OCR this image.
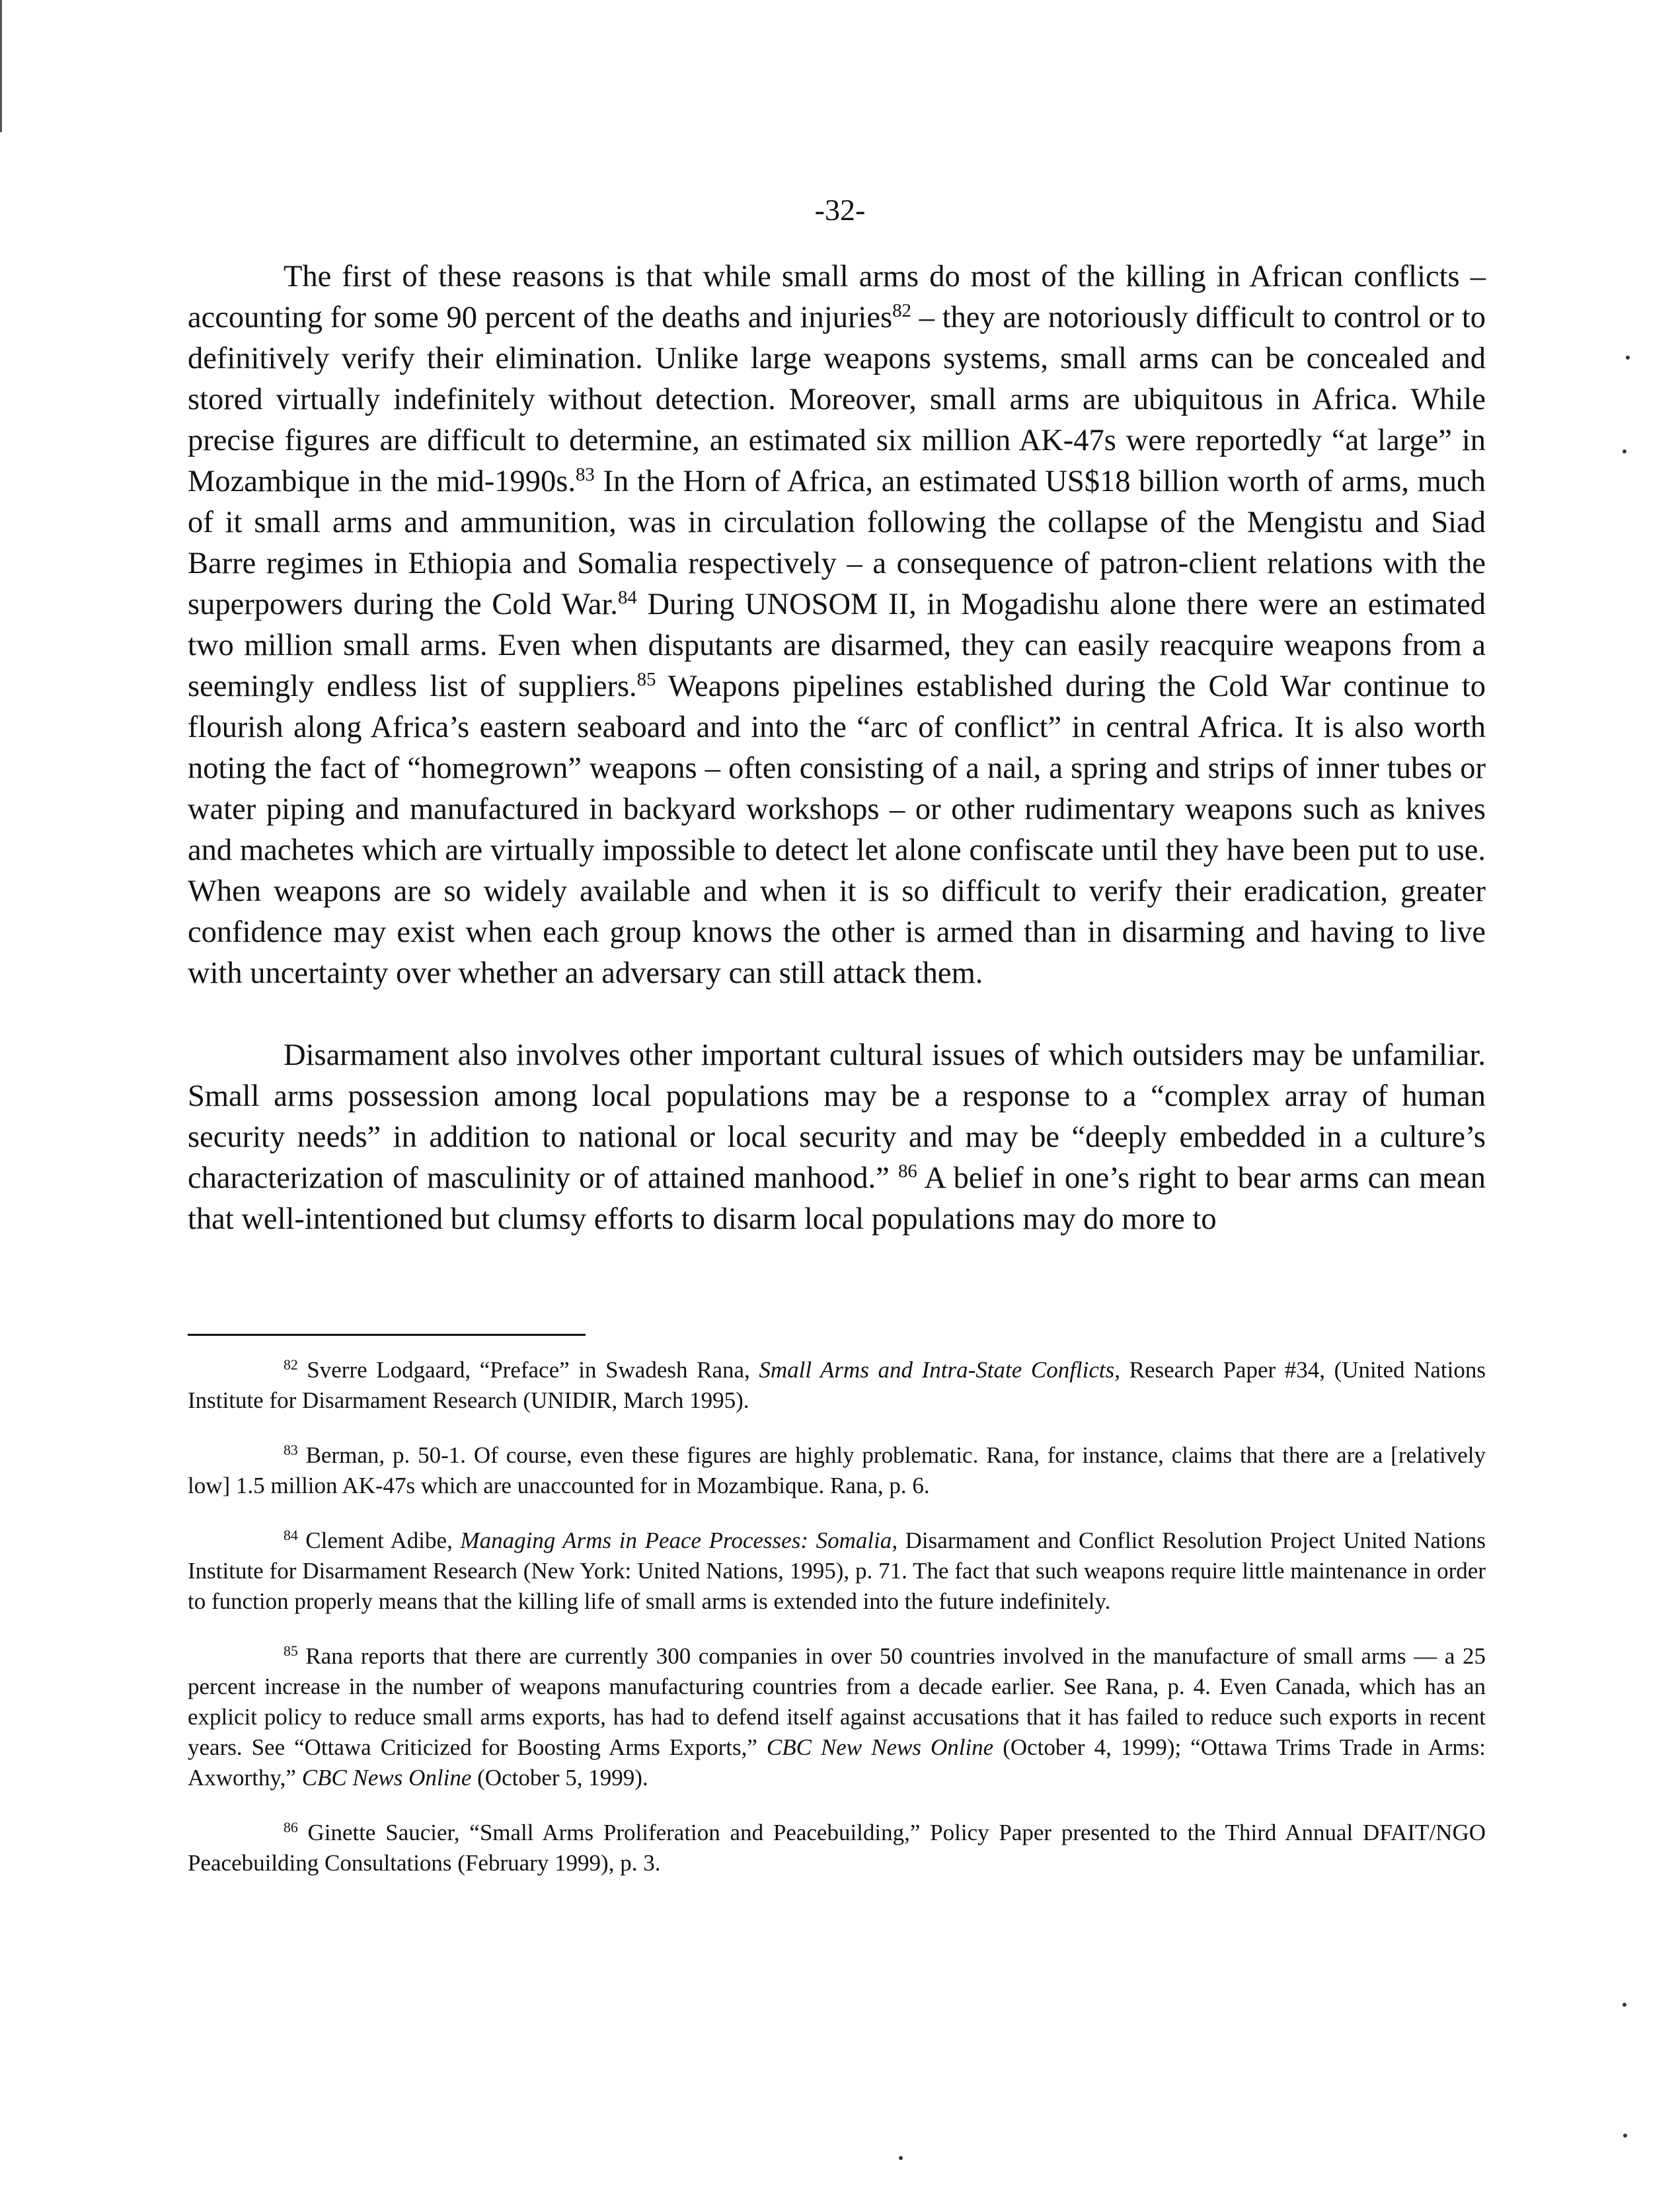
-32-

The first of these reasons is that while small arms do most of the killing in African conflicts – accounting for some 90 percent of the deaths and injuries$^{82}$ – they are notoriously difficult to control or to definitively verify their elimination. Unlike large weapons systems, small arms can be concealed and stored virtually indefinitely without detection. Moreover, small arms are ubiquitous in Africa. While precise figures are difficult to determine, an estimated six million AK-47s were reportedly “at large” in Mozambique in the mid-1990s.$^{83}$ In the Horn of Africa, an estimated US$18 billion worth of arms, much of it small arms and ammunition, was in circulation following the collapse of the Mengistu and Siad Barre regimes in Ethiopia and Somalia respectively – a consequence of patron-client relations with the superpowers during the Cold War.$^{84}$ During UNOSOM II, in Mogadishu alone there were an estimated two million small arms. Even when disputants are disarmed, they can easily reacquire weapons from a seemingly endless list of suppliers.$^{85}$ Weapons pipelines established during the Cold War continue to flourish along Africa’s eastern seaboard and into the “arc of conflict” in central Africa. It is also worth noting the fact of “homegrown” weapons – often consisting of a nail, a spring and strips of inner tubes or water piping and manufactured in backyard workshops – or other rudimentary weapons such as knives and machetes which are virtually impossible to detect let alone confiscate until they have been put to use. When weapons are so widely available and when it is so difficult to verify their eradication, greater confidence may exist when each group knows the other is armed than in disarming and having to live with uncertainty over whether an adversary can still attack them.

Disarmament also involves other important cultural issues of which outsiders may be unfamiliar. Small arms possession among local populations may be a response to a “complex array of human security needs” in addition to national or local security and may be “deeply embedded in a culture’s characterization of masculinity or of attained manhood.” $^{86}$ A belief in one’s right to bear arms can mean that well-intentioned but clumsy efforts to disarm local populations may do more to

$^{82}$ Sverre Lodgaard, “Preface” in Swadesh Rana, Small Arms and Intra-State Conflicts, Research Paper #34, (United Nations Institute for Disarmament Research (UNIDIR, March 1995).

$^{83}$ Berman, p. 50-1. Of course, even these figures are highly problematic. Rana, for instance, claims that there are a [relatively low] 1.5 million AK-47s which are unaccounted for in Mozambique. Rana, p. 6.

$^{84}$ Clement Adibe, Managing Arms in Peace Processes: Somalia, Disarmament and Conflict Resolution Project United Nations Institute for Disarmament Research (New York: United Nations, 1995), p. 71. The fact that such weapons require little maintenance in order to function properly means that the killing life of small arms is extended into the future indefinitely.

$^{85}$ Rana reports that there are currently 300 companies in over 50 countries involved in the manufacture of small arms — a 25 percent increase in the number of weapons manufacturing countries from a decade earlier. See Rana, p. 4. Even Canada, which has an explicit policy to reduce small arms exports, has had to defend itself against accusations that it has failed to reduce such exports in recent years. See “Ottawa Criticized for Boosting Arms Exports,” CBC New News Online (October 4, 1999); “Ottawa Trims Trade in Arms: Axworthy,” CBC News Online (October 5, 1999).

$^{86}$ Ginette Saucier, “Small Arms Proliferation and Peacebuilding,” Policy Paper presented to the Third Annual DFAIT/NGO Peacebuilding Consultations (February 1999), p. 3.
